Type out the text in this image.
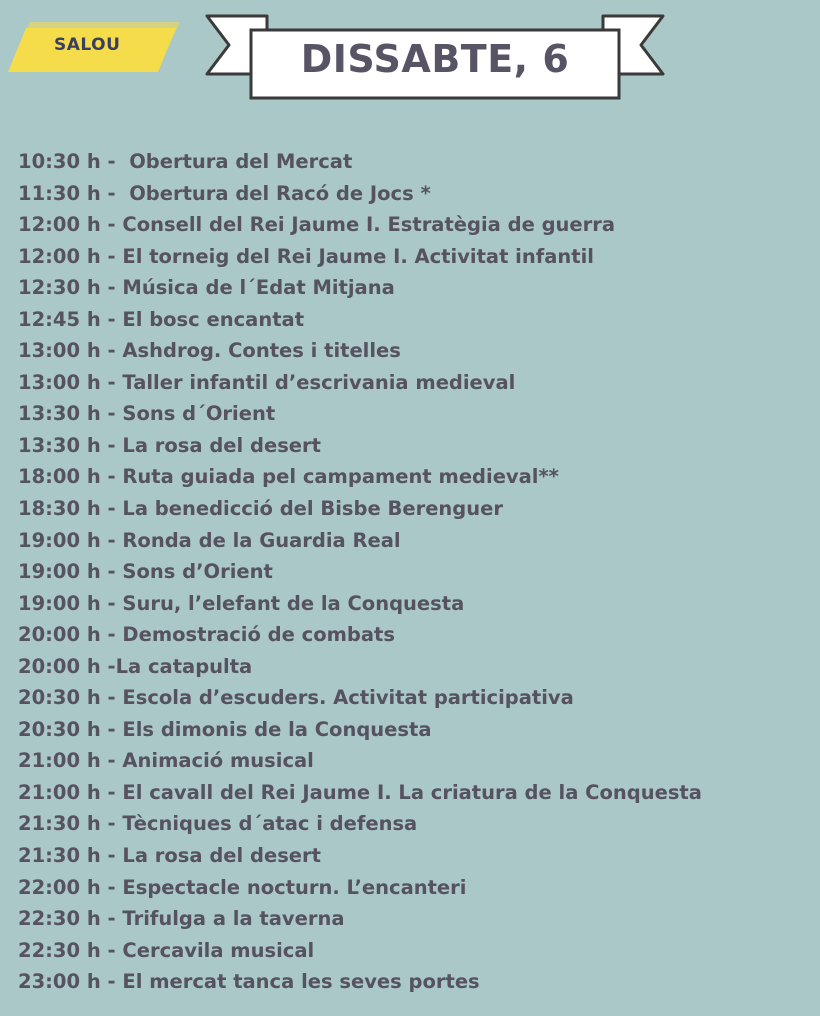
SALOU	DISSABTE, 6
10:30 h -  Obertura del Mercat
11:30 h -  Obertura del Racó de Jocs *
12:00 h - Consell del Rei Jaume I. Estratègia de guerra
12:00 h - El torneig del Rei Jaume I. Activitat infantil
12:30 h - Música de l´Edat Mitjana
12:45 h - El bosc encantat
13:00 h - Ashdrog. Contes i titelles
13:00 h - Taller infantil d’escrivania medieval
13:30 h - Sons d´Orient
13:30 h - La rosa del desert
18:00 h - Ruta guiada pel campament medieval**
18:30 h - La benedicció del Bisbe Berenguer
19:00 h - Ronda de la Guardia Real
19:00 h - Sons d’Orient
19:00 h - Suru, l’elefant de la Conquesta
20:00 h - Demostració de combats
20:00 h -La catapulta
20:30 h - Escola d’escuders. Activitat participativa
20:30 h - Els dimonis de la Conquesta
21:00 h - Animació musical
21:00 h - El cavall del Rei Jaume I. La criatura de la Conquesta
21:30 h - Tècniques d´atac i defensa
21:30 h - La rosa del desert
22:00 h - Espectacle nocturn. L’encanteri
22:30 h - Trifulga a la taverna
22:30 h - Cercavila musical
23:00 h - El mercat tanca les seves portes
